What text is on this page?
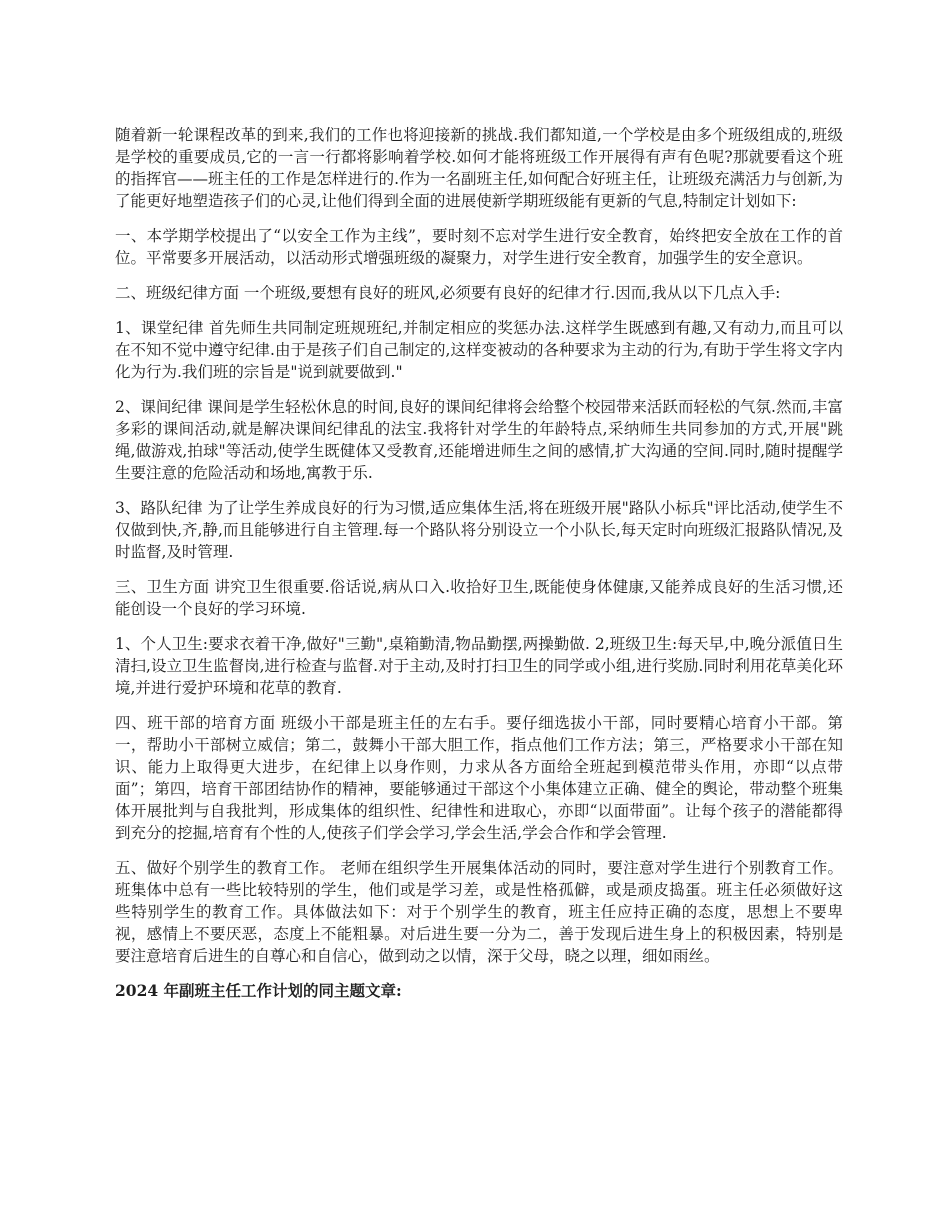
随着新一轮课程改革的到来,我们的工作也将迎接新的挑战.我们都知道,一个学校是由多个班级组成的,班级是学校的重要成员,它的一言一行都将影响着学校.如何才能将班级工作开展得有声有色呢?那就要看这个班的指挥官——班主任的工作是怎样进行的.作为一名副班主任,如何配合好班主任，让班级充满活力与创新,为了能更好地塑造孩子们的心灵,让他们得到全面的进展使新学期班级能有更新的气息,特制定计划如下:

一、本学期学校提出了“以安全工作为主线”，要时刻不忘对学生进行安全教育，始终把安全放在工作的首位。平常要多开展活动，以活动形式增强班级的凝聚力，对学生进行安全教育，加强学生的安全意识。

二、班级纪律方面 一个班级,要想有良好的班风,必须要有良好的纪律才行.因而,我从以下几点入手:

1、课堂纪律 首先师生共同制定班规班纪,并制定相应的奖惩办法.这样学生既感到有趣,又有动力,而且可以在不知不觉中遵守纪律.由于是孩子们自己制定的,这样变被动的各种要求为主动的行为,有助于学生将文字内化为行为.我们班的宗旨是"说到就要做到."

2、课间纪律 课间是学生轻松休息的时间,良好的课间纪律将会给整个校园带来活跃而轻松的气氛.然而,丰富多彩的课间活动,就是解决课间纪律乱的法宝.我将针对学生的年龄特点,采纳师生共同参加的方式,开展"跳绳,做游戏,拍球"等活动,使学生既健体又受教育,还能增进师生之间的感情,扩大沟通的空间.同时,随时提醒学生要注意的危险活动和场地,寓教于乐.

3、路队纪律 为了让学生养成良好的行为习惯,适应集体生活,将在班级开展"路队小标兵"评比活动,使学生不仅做到快,齐,静,而且能够进行自主管理.每一个路队将分别设立一个小队长,每天定时向班级汇报路队情况,及时监督,及时管理.

三、卫生方面 讲究卫生很重要.俗话说,病从口入.收拾好卫生,既能使身体健康,又能养成良好的生活习惯,还能创设一个良好的学习环境.

1、个人卫生:要求衣着干净,做好"三勤",桌箱勤清,物品勤摆,两操勤做. 2,班级卫生:每天早,中,晚分派值日生清扫,设立卫生监督岗,进行检查与监督.对于主动,及时打扫卫生的同学或小组,进行奖励.同时利用花草美化环境,并进行爱护环境和花草的教育.

四、班干部的培育方面 班级小干部是班主任的左右手。要仔细选拔小干部，同时要精心培育小干部。第一，帮助小干部树立威信；第二，鼓舞小干部大胆工作，指点他们工作方法；第三，严格要求小干部在知识、能力上取得更大进步，在纪律上以身作则，力求从各方面给全班起到模范带头作用，亦即“以点带面”；第四，培育干部团结协作的精神，要能够通过干部这个小集体建立正确、健全的舆论，带动整个班集体开展批判与自我批判，形成集体的组织性、纪律性和进取心，亦即“以面带面”。让每个孩子的潜能都得到充分的挖掘,培育有个性的人,使孩子们学会学习,学会生活,学会合作和学会管理.

五、做好个别学生的教育工作。 老师在组织学生开展集体活动的同时，要注意对学生进行个别教育工作。班集体中总有一些比较特别的学生，他们或是学习差，或是性格孤僻，或是顽皮捣蛋。班主任必须做好这些特别学生的教育工作。具体做法如下：对于个别学生的教育，班主任应持正确的态度，思想上不要卑视，感情上不要厌恶，态度上不能粗暴。对后进生要一分为二，善于发现后进生身上的积极因素，特别是要注意培育后进生的自尊心和自信心，做到动之以情，深于父母，晓之以理，细如雨丝。

2024 年副班主任工作计划的同主题文章:
